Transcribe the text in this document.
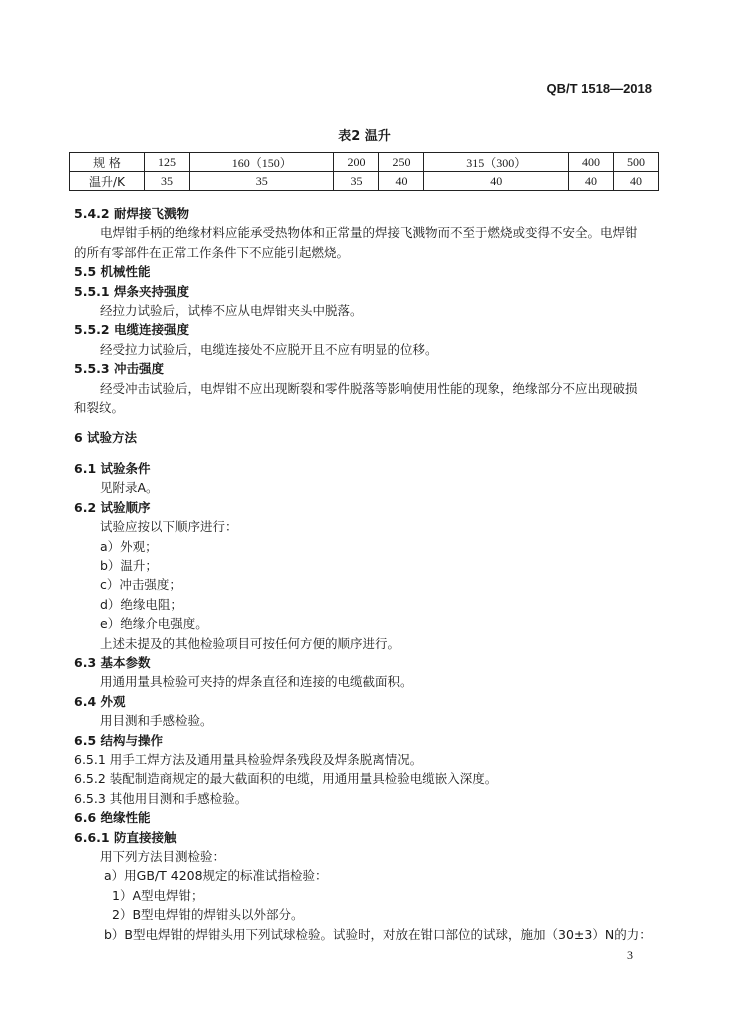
QB/T 1518—2018
表2 温升
规 格	125	160（150）	200	250	315（300）	400	500
温升/K	35	35	35	40	40	40	40
5.4.2 耐焊接飞溅物
电焊钳手柄的绝缘材料应能承受热物体和正常量的焊接飞溅物而不至于燃烧或变得不安全。电焊钳
的所有零部件在正常工作条件下不应能引起燃烧。
5.5 机械性能
5.5.1 焊条夹持强度
经拉力试验后，试棒不应从电焊钳夹头中脱落。
5.5.2 电缆连接强度
经受拉力试验后，电缆连接处不应脱开且不应有明显的位移。
5.5.3 冲击强度
经受冲击试验后，电焊钳不应出现断裂和零件脱落等影响使用性能的现象，绝缘部分不应出现破损
和裂纹。
6 试验方法
6.1 试验条件
见附录A。
6.2 试验顺序
试验应按以下顺序进行：
a）外观；
b）温升；
c）冲击强度；
d）绝缘电阻；
e）绝缘介电强度。
上述未提及的其他检验项目可按任何方便的顺序进行。
6.3 基本参数
用通用量具检验可夹持的焊条直径和连接的电缆截面积。
6.4 外观
用目测和手感检验。
6.5 结构与操作
6.5.1 用手工焊方法及通用量具检验焊条残段及焊条脱离情况。
6.5.2 装配制造商规定的最大截面积的电缆，用通用量具检验电缆嵌入深度。
6.5.3 其他用目测和手感检验。
6.6 绝缘性能
6.6.1 防直接接触
用下列方法目测检验：
a）用GB/T 4208规定的标准试指检验：
1）A型电焊钳；
2）B型电焊钳的焊钳头以外部分。
b）B型电焊钳的焊钳头用下列试球检验。试验时，对放在钳口部位的试球，施加（30±3）N的力：
3
